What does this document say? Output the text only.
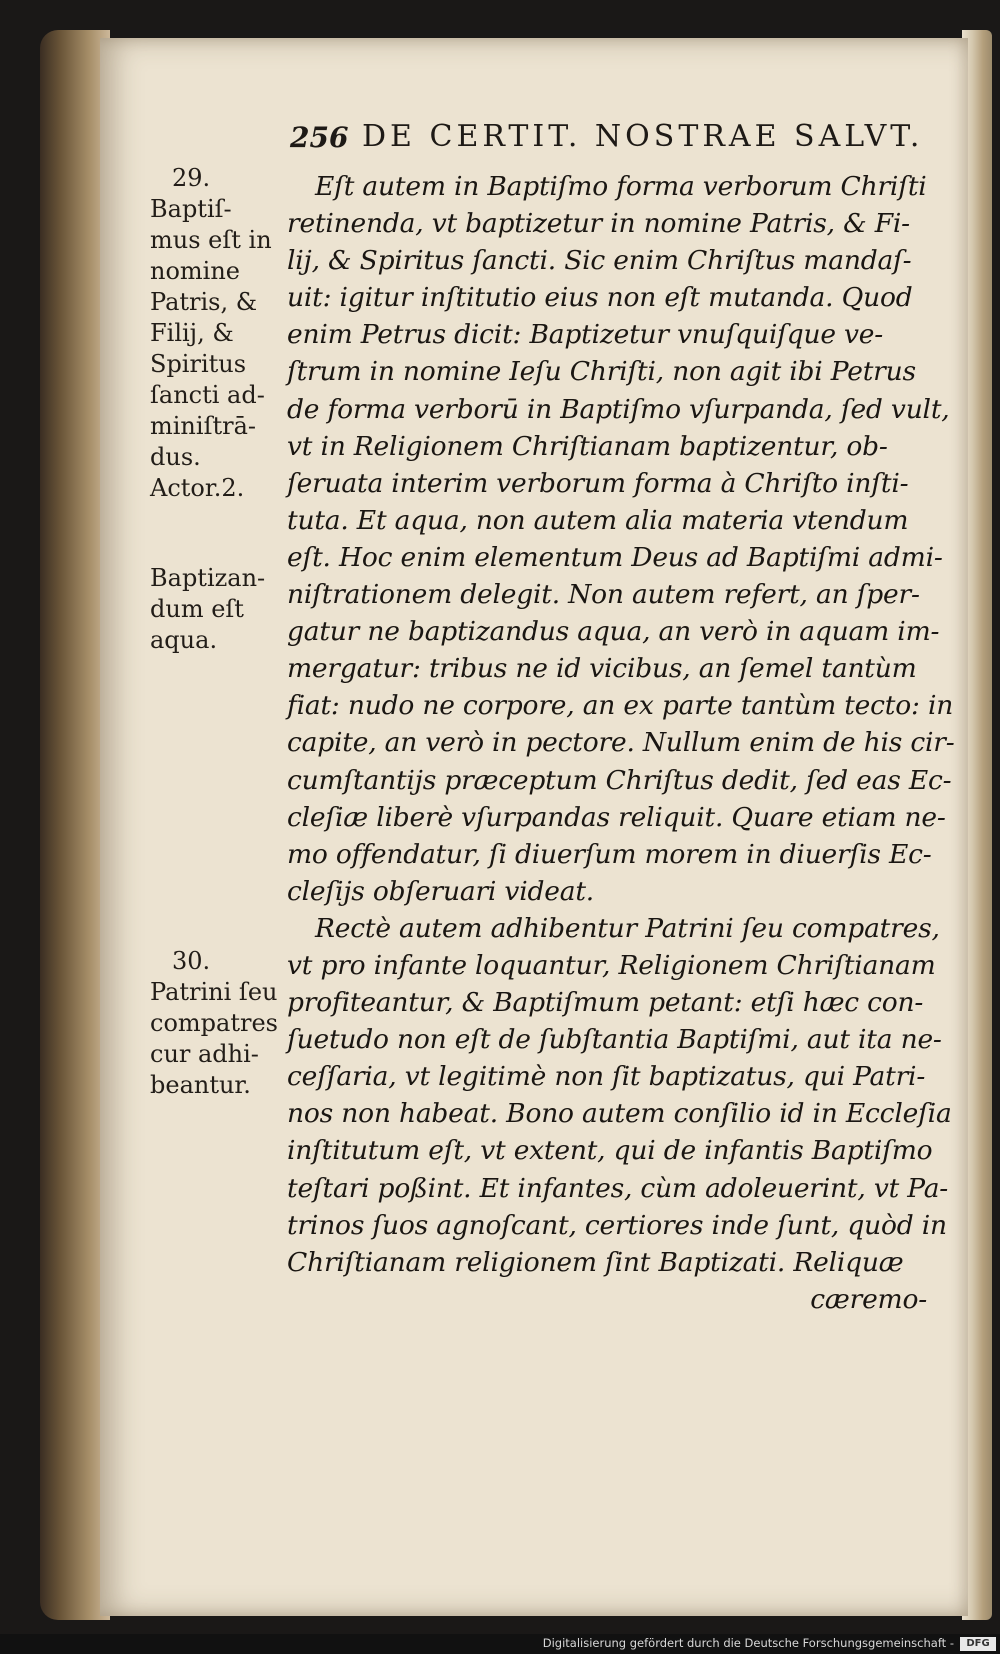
256 DE CERTIT. NOSTRAE SALVT.
29.
Baptiſ-
mus eſt in
nomine
Patris, &
Filij, &
Spiritus
ſancti ad-
miniſtrā-
dus.
Actor.2.
Baptizan-
dum eſt
aqua.
30.
Patrini ſeu
compatres
cur adhi-
beantur.
Eſt autem in Baptiſmo forma verborum Chriſti
retinenda, vt baptizetur in nomine Patris, & Fi-
lij, & Spiritus ſancti. Sic enim Chriſtus mandaſ-
uit: igitur inſtitutio eius non eſt mutanda. Quod
enim Petrus dicit: Baptizetur vnuſquiſque ve-
ſtrum in nomine Ieſu Chriſti, non agit ibi Petrus
de forma verborū in Baptiſmo vſurpanda, ſed vult,
vt in Religionem Chriſtianam baptizentur, ob-
ſeruata interim verborum forma à Chriſto inſti-
tuta. Et aqua, non autem alia materia vtendum
eſt. Hoc enim elementum Deus ad Baptiſmi admi-
niſtrationem delegit. Non autem refert, an ſper-
gatur ne baptizandus aqua, an verò in aquam im-
mergatur: tribus ne id vicibus, an ſemel tantùm
fiat: nudo ne corpore, an ex parte tantùm tecto: in
capite, an verò in pectore. Nullum enim de his cir-
cumſtantijs præceptum Chriſtus dedit, ſed eas Ec-
cleſiæ liberè vſurpandas reliquit. Quare etiam ne-
mo offendatur, ſi diuerſum morem in diuerſis Ec-
cleſijs obſeruari videat.
Rectè autem adhibentur Patrini ſeu compatres,
vt pro infante loquantur, Religionem Chriſtianam
profiteantur, & Baptiſmum petant: etſi hæc con-
ſuetudo non eſt de ſubſtantia Baptiſmi, aut ita ne-
ceſſaria, vt legitimè non ſit baptizatus, qui Patri-
nos non habeat. Bono autem conſilio id in Eccleſia
inſtitutum eſt, vt extent, qui de infantis Baptiſmo
teſtari poßint. Et infantes, cùm adoleuerint, vt Pa-
trinos ſuos agnoſcant, certiores inde ſunt, quòd in
Chriſtianam religionem ſint Baptizati. Reliquæ
cæremo-
Digitalisierung gefördert durch die Deutsche Forschungsgemeinschaft -	DFG
